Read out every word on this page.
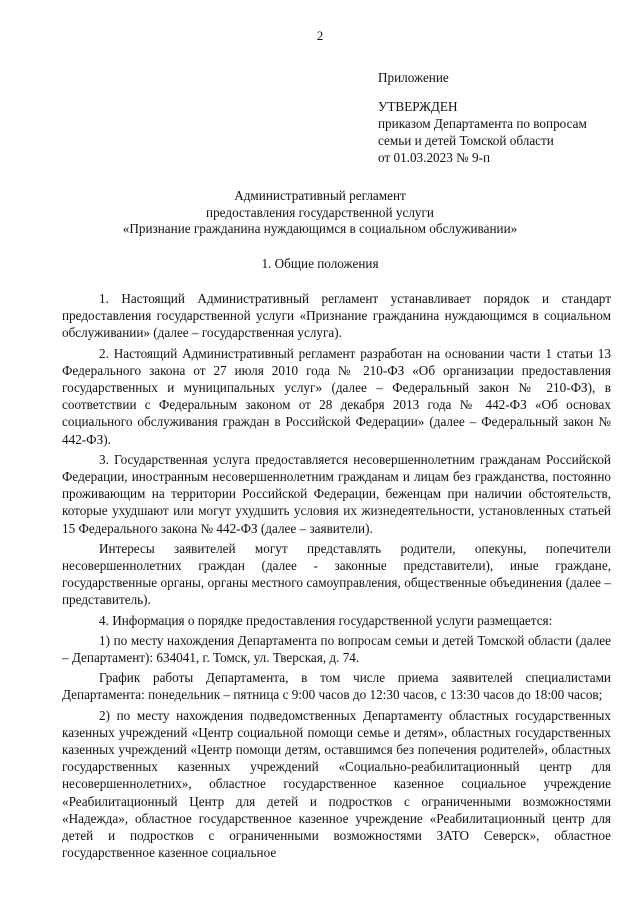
2
Приложение
УТВЕРЖДЕН
приказом Департамента по вопросам
семьи и детей Томской области
от 01.03.2023 № 9-п
Административный регламент
предоставления государственной услуги
«Признание гражданина нуждающимся в социальном обслуживании»
1. Общие положения

1. Настоящий Административный регламент устанавливает порядок и стандарт предоставления государственной услуги «Признание гражданина нуждающимся в социальном обслуживании» (далее – государственная услуга).

2. Настоящий Административный регламент разработан на основании части 1 статьи 13 Федерального закона от 27 июля 2010 года № 210-ФЗ «Об организации предоставления государственных и муниципальных услуг» (далее – Федеральный закон № 210-ФЗ), в соответствии с Федеральным законом от 28 декабря 2013 года № 442-ФЗ «Об основах социального обслуживания граждан в Российской Федерации» (далее – Федеральный закон № 442-ФЗ).

3. Государственная услуга предоставляется несовершеннолетним гражданам Российской Федерации, иностранным несовершеннолетним гражданам и лицам без гражданства, постоянно проживающим на территории Российской Федерации, беженцам при наличии обстоятельств, которые ухудшают или могут ухудшить условия их жизнедеятельности, установленных статьей 15 Федерального закона № 442-ФЗ (далее – заявители).

Интересы заявителей могут представлять родители, опекуны, попечители несовершеннолетних граждан (далее - законные представители), иные граждане, государственные органы, органы местного самоуправления, общественные объединения (далее – представитель).

4. Информация о порядке предоставления государственной услуги размещается:

1) по месту нахождения Департамента по вопросам семьи и детей Томской области (далее – Департамент): 634041, г. Томск, ул. Тверская, д. 74.

График работы Департамента, в том числе приема заявителей специалистами Департамента: понедельник – пятница с 9:00 часов до 12:30 часов, с 13:30 часов до 18:00 часов;

2) по месту нахождения подведомственных Департаменту областных государственных казенных учреждений «Центр социальной помощи семье и детям», областных государственных казенных учреждений «Центр помощи детям, оставшимся без попечения родителей», областных государственных казенных учреждений «Социально-реабилитационный центр для несовершеннолетних», областное государственное казенное социальное учреждение «Реабилитационный Центр для детей и подростков с ограниченными возможностями «Надежда», областное государственное казенное учреждение «Реабилитационный центр для детей и подростков с ограниченными возможностями ЗАТО Северск», областное государственное казенное социальное
